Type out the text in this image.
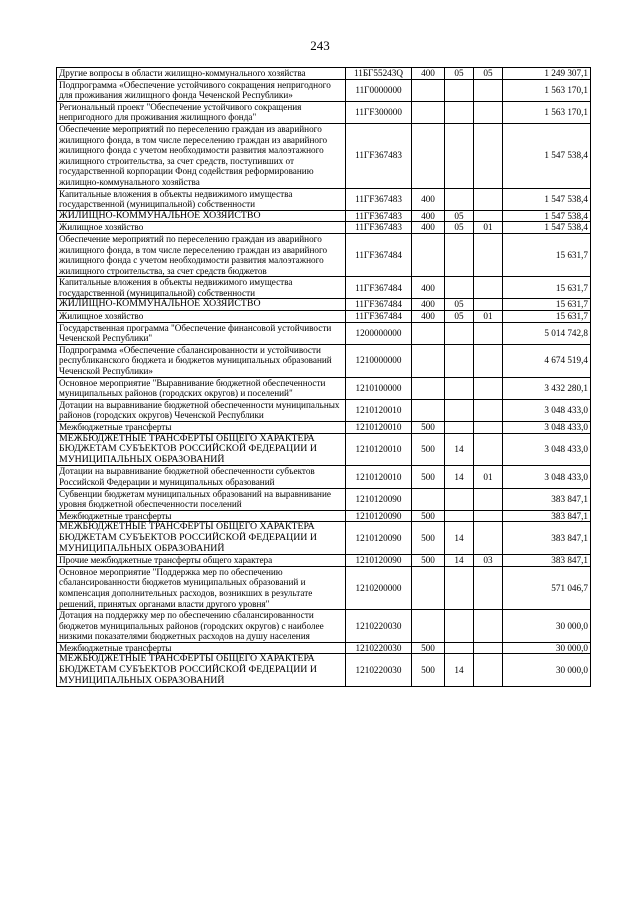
243
Другие вопросы в области жилищно-коммунального хозяйства	11БГ55243Q	400	05	05	1 249 307,1
Подпрограмма «Обеспечение устойчивого сокращения непригодного для проживания жилищного фонда Чеченской Республики»	11Г0000000				1 563 170,1
Региональный проект "Обеспечение устойчивого сокращения непригодного для проживания жилищного фонда"	11ГF300000				1 563 170,1
Обеспечение мероприятий по переселению граждан из аварийного жилищного фонда, в том числе переселению граждан из аварийного жилищного фонда с учетом необходимости развития малоэтажного жилищного строительства, за счет средств, поступивших от государственной корпорации Фонд содействия реформированию жилищно-коммунального хозяйства	11ГF367483				1 547 538,4
Капитальные вложения в объекты недвижимого имущества государственной (муниципальной) собственности	11ГF367483	400			1 547 538,4
ЖИЛИЩНО-КОММУНАЛЬНОЕ ХОЗЯЙСТВО	11ГF367483	400	05		1 547 538,4
Жилищное хозяйство	11ГF367483	400	05	01	1 547 538,4
Обеспечение мероприятий по переселению граждан из аварийного жилищного фонда, в том числе переселению граждан из аварийного жилищного фонда с учетом необходимости развития малоэтажного жилищного строительства, за счет средств бюджетов	11ГF367484				15 631,7
Капитальные вложения в объекты недвижимого имущества государственной (муниципальной) собственности	11ГF367484	400			15 631,7
ЖИЛИЩНО-КОММУНАЛЬНОЕ ХОЗЯЙСТВО	11ГF367484	400	05		15 631,7
Жилищное хозяйство	11ГF367484	400	05	01	15 631,7
Государственная программа "Обеспечение финансовой устойчивости Чеченской Республики"	1200000000				5 014 742,8
Подпрограмма «Обеспечение сбалансированности и устойчивости республиканского бюджета и бюджетов муниципальных образований Чеченской Республики»	1210000000				4 674 519,4
Основное мероприятие "Выравнивание бюджетной обеспеченности муниципальных районов (городских округов) и поселений"	1210100000				3 432 280,1
Дотации на выравнивание бюджетной обеспеченности муниципальных районов (городских округов) Чеченской Республики	1210120010				3 048 433,0
Межбюджетные трансферты	1210120010	500			3 048 433,0
МЕЖБЮДЖЕТНЫЕ ТРАНСФЕРТЫ ОБЩЕГО ХАРАКТЕРА БЮДЖЕТАМ СУБЪЕКТОВ РОССИЙСКОЙ ФЕДЕРАЦИИ И МУНИЦИПАЛЬНЫХ ОБРАЗОВАНИЙ	1210120010	500	14		3 048 433,0
Дотации на выравнивание бюджетной обеспеченности субъектов Российской Федерации и муниципальных образований	1210120010	500	14	01	3 048 433,0
Субвенции бюджетам муниципальных образований на выравнивание уровня бюджетной обеспеченности поселений	1210120090				383 847,1
Межбюджетные трансферты	1210120090	500			383 847,1
МЕЖБЮДЖЕТНЫЕ ТРАНСФЕРТЫ ОБЩЕГО ХАРАКТЕРА БЮДЖЕТАМ СУБЪЕКТОВ РОССИЙСКОЙ ФЕДЕРАЦИИ И МУНИЦИПАЛЬНЫХ ОБРАЗОВАНИЙ	1210120090	500	14		383 847,1
Прочие межбюджетные трансферты общего характера	1210120090	500	14	03	383 847,1
Основное мероприятие "Поддержка мер по обеспечению сбалансированности бюджетов муниципальных образований и компенсация дополнительных расходов, возникших в результате решений, принятых органами власти другого уровня"	1210200000				571 046,7
Дотация на поддержку мер по обеспечению сбалансированности бюджетов муниципальных районов (городских округов) с наиболее низкими показателями бюджетных расходов на душу населения	1210220030				30 000,0
Межбюджетные трансферты	1210220030	500			30 000,0
МЕЖБЮДЖЕТНЫЕ ТРАНСФЕРТЫ ОБЩЕГО ХАРАКТЕРА БЮДЖЕТАМ СУБЪЕКТОВ РОССИЙСКОЙ ФЕДЕРАЦИИ И МУНИЦИПАЛЬНЫХ ОБРАЗОВАНИЙ	1210220030	500	14		30 000,0
